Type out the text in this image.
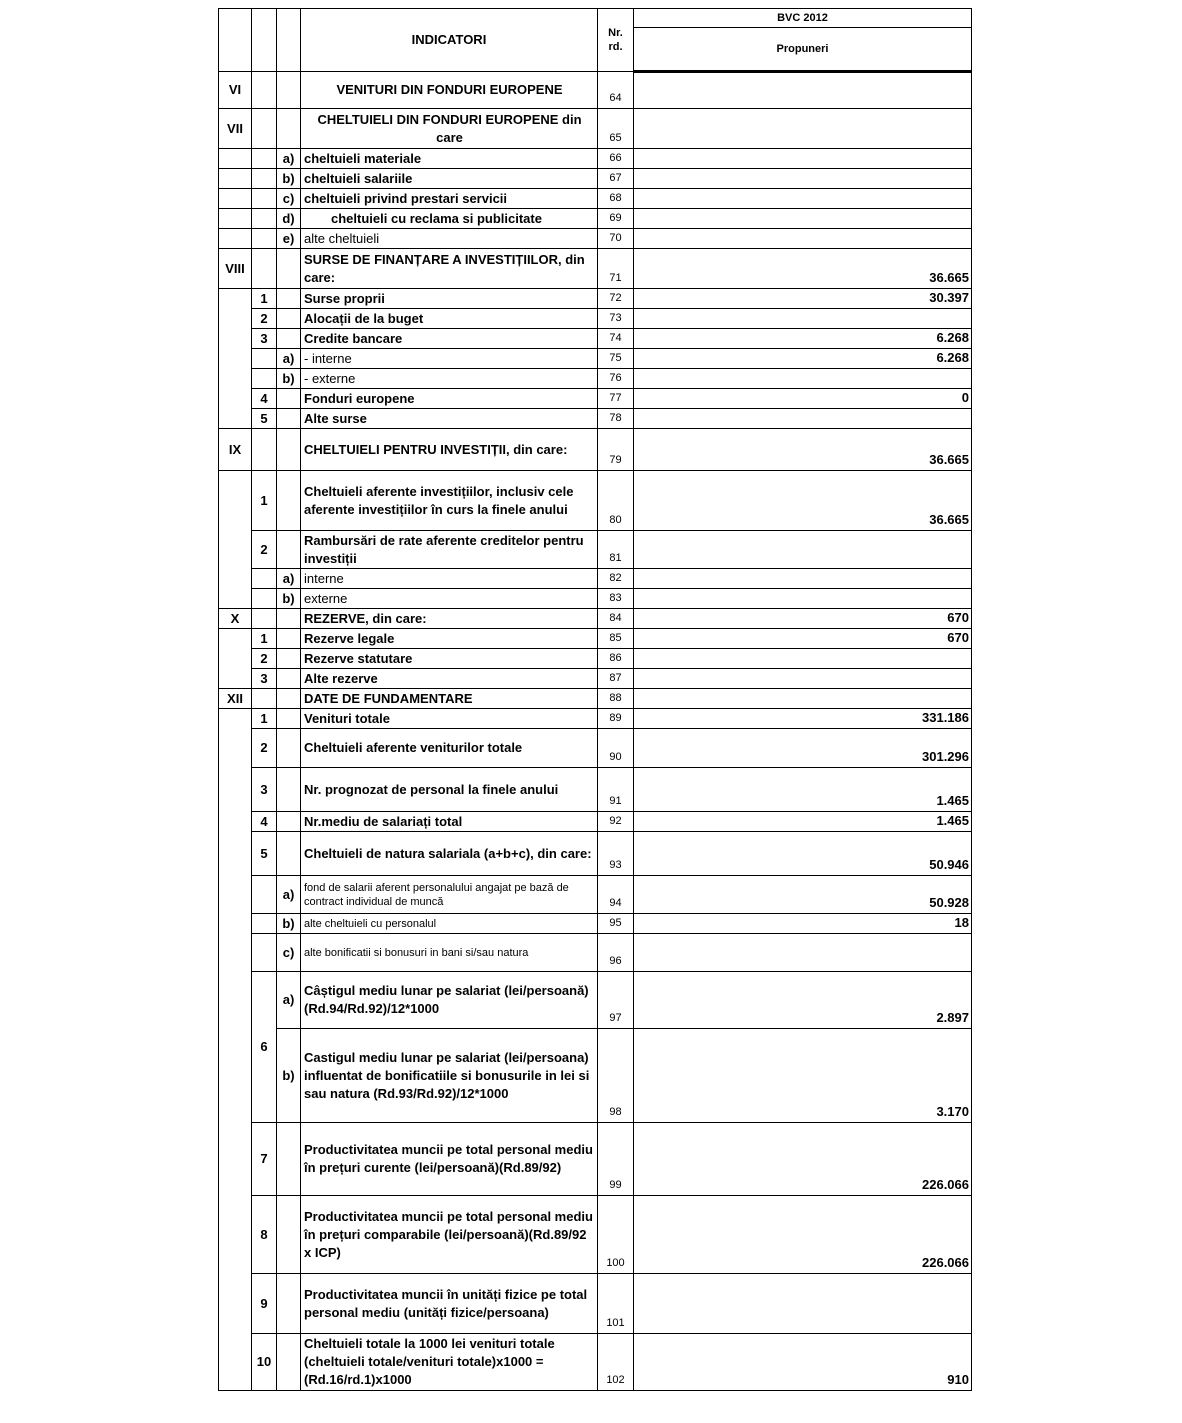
			INDICATORI	Nr. rd.	BVC 2012
					Propuneri
VI			VENITURI DIN FONDURI EUROPENE	64	
VII			CHELTUIELI DIN FONDURI EUROPENE din care	65	
		a)	cheltuieli materiale	66	
		b)	cheltuieli salariile	67	
		c)	cheltuieli privind prestari servicii	68	
		d)	cheltuieli cu reclama si publicitate	69	
		e)	alte cheltuieli	70	
VIII			SURSE DE FINANȚARE A INVESTIȚIILOR, din care:	71	36.665
	1		Surse proprii	72	30.397
	2		Alocații de la buget	73	
	3		Credite bancare	74	6.268
		a)	- interne	75	6.268
		b)	- externe	76	
	4		Fonduri europene	77	0
	5		Alte surse	78	
IX			CHELTUIELI PENTRU INVESTIȚII, din care:	79	36.665
	1		Cheltuieli aferente investițiilor, inclusiv cele aferente investițiilor în curs la finele anului	80	36.665
	2		Rambursări de rate aferente creditelor pentru investiții	81	
		a)	interne	82	
		b)	externe	83	
X			REZERVE, din care:	84	670
	1		Rezerve legale	85	670
	2		Rezerve statutare	86	
	3		Alte rezerve	87	
XII			DATE DE FUNDAMENTARE	88	
	1		Venituri totale	89	331.186
	2		Cheltuieli aferente veniturilor totale	90	301.296
	3		Nr. prognozat de personal la finele anului	91	1.465
	4		Nr.mediu de salariați total	92	1.465
	5		Cheltuieli de natura salariala (a+b+c), din care:	93	50.946
		a)	fond de salarii aferent personalului angajat pe bază de contract individual de muncă	94	50.928
		b)	alte cheltuieli cu personalul	95	18
		c)	alte bonificatii si bonusuri in bani si/sau natura	96	
	6	a)	Câștigul mediu lunar pe salariat (lei/persoană) (Rd.94/Rd.92)/12*1000	97	2.897
		b)	Castigul mediu lunar pe salariat (lei/persoana) influentat de bonificatiile si bonusurile in lei si sau natura (Rd.93/Rd.92)/12*1000	98	3.170
	7		Productivitatea muncii pe total personal mediu în prețuri curente (lei/persoană)(Rd.89/92)	99	226.066
	8		Productivitatea muncii pe total personal mediu în prețuri comparabile (lei/persoană)(Rd.89/92 x ICP)	100	226.066
	9		Productivitatea muncii în unități fizice pe total personal mediu (unități fizice/persoana)	101	
	10		Cheltuieli totale la 1000 lei venituri totale (cheltuieli totale/venituri totale)x1000 =(Rd.16/rd.1)x1000	102	910
